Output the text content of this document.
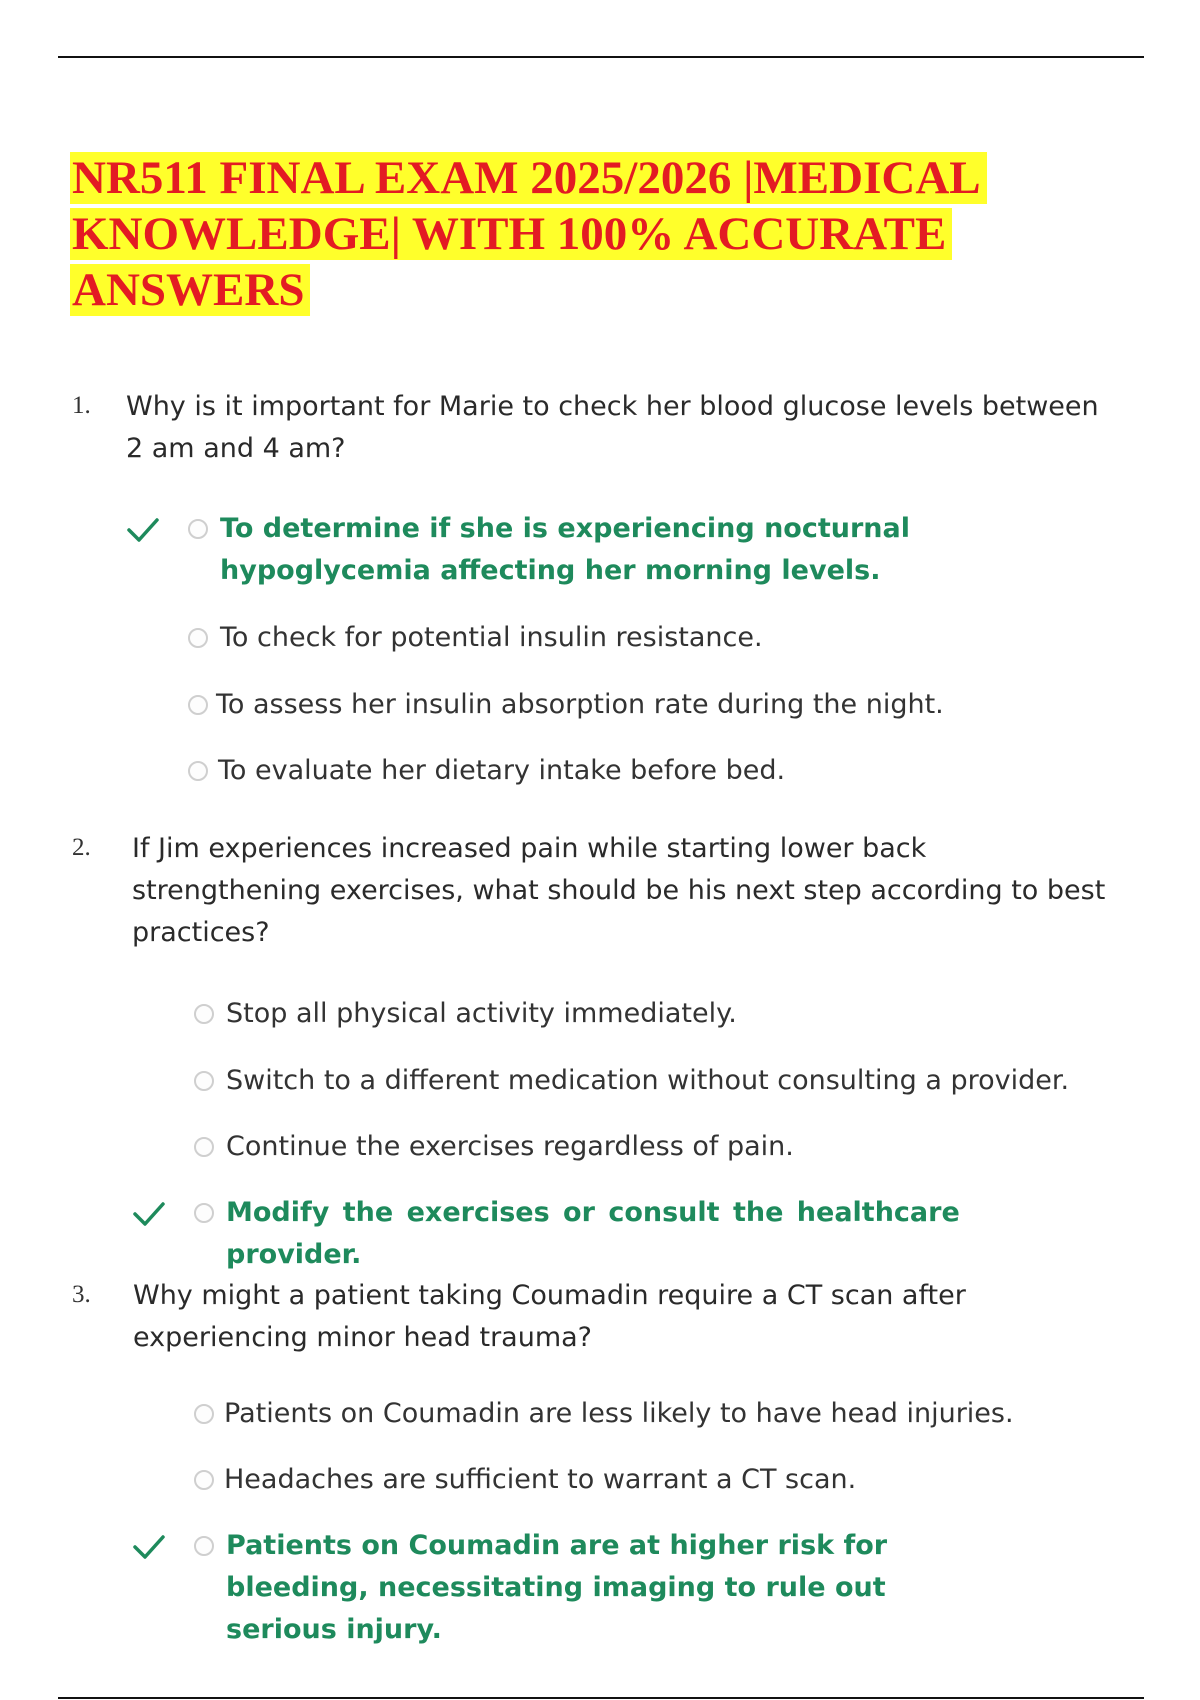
NR511 FINAL EXAM 2025/2026 |MEDICAL KNOWLEDGE| WITH 100% ACCURATE ANSWERS
1. Why is it important for Marie to check her blood glucose levels between 2 am and 4 am?
To determine if she is experiencing nocturnal hypoglycemia affecting her morning levels.
To check for potential insulin resistance.
To assess her insulin absorption rate during the night.
To evaluate her dietary intake before bed.
2. If Jim experiences increased pain while starting lower back strengthening exercises, what should be his next step according to best practices?
Stop all physical activity immediately.
Switch to a different medication without consulting a provider.
Continue the exercises regardless of pain.
Modify the exercises or consult the healthcare provider.
3. Why might a patient taking Coumadin require a CT scan after experiencing minor head trauma?
Patients on Coumadin are less likely to have head injuries.
Headaches are sufficient to warrant a CT scan.
Patients on Coumadin are at higher risk for bleeding, necessitating imaging to rule out serious injury.
